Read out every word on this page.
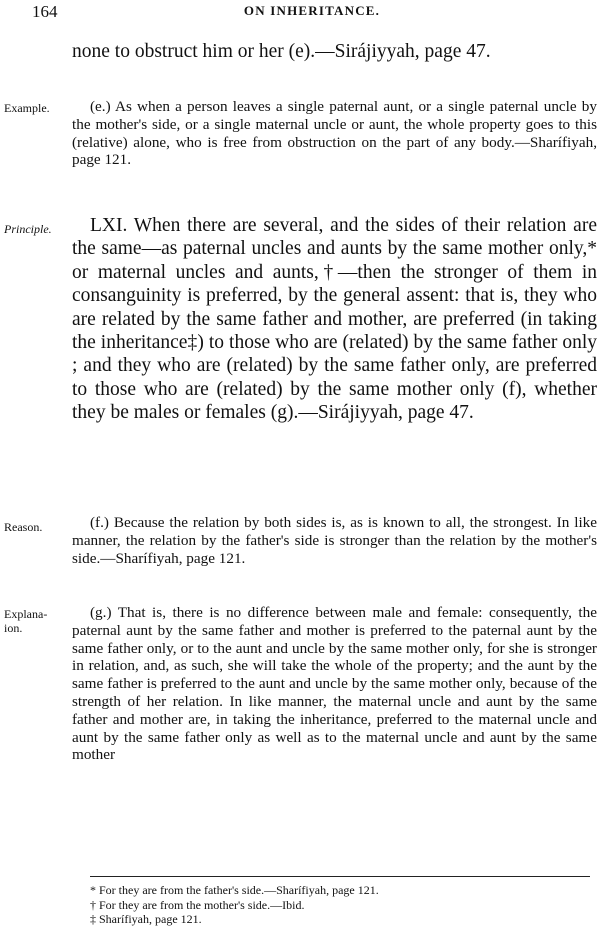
164	ON INHERITANCE.
none to obstruct him or her (e).—Sirájiyyah, page 47.
Example.	(e.) As when a person leaves a single paternal aunt, or a single paternal uncle by the mother's side, or a single maternal uncle or aunt, the whole property goes to this (relative) alone, who is free from obstruction on the part of any body.—Sharífiyah, page 121.
Principle.	LXI. When there are several, and the sides of their relation are the same—as paternal uncles and aunts by the same mother only,* or maternal uncles and aunts,†—then the stronger of them in consanguinity is preferred, by the general assent: that is, they who are related by the same father and mother, are preferred (in taking the inheritance‡) to those who are (related) by the same father only ; and they who are (related) by the same father only, are preferred to those who are (related) by the same mother only (f), whether they be males or females (g).—Sirájiyyah, page 47.
Reason.	(f.) Because the relation by both sides is, as is known to all, the strongest. In like manner, the relation by the father's side is stronger than the relation by the mother's side.—Sharífiyah, page 121.
Explana-
ion.
(g.) That is, there is no difference between male and female: consequently, the paternal aunt by the same father and mother is preferred to the paternal aunt by the same father only, or to the aunt and uncle by the same mother only, for she is stronger in relation, and, as such, she will take the whole of the property; and the aunt by the same father is preferred to the aunt and uncle by the same mother only, because of the strength of her relation. In like manner, the maternal uncle and aunt by the same father and mother are, in taking the inheritance, preferred to the maternal uncle and aunt by the same father only as well as to the maternal uncle and aunt by the same mother
* For they are from the father's side.—Sharífiyah, page 121.
† For they are from the mother's side.—Ibid.
‡ Sharífiyah, page 121.
